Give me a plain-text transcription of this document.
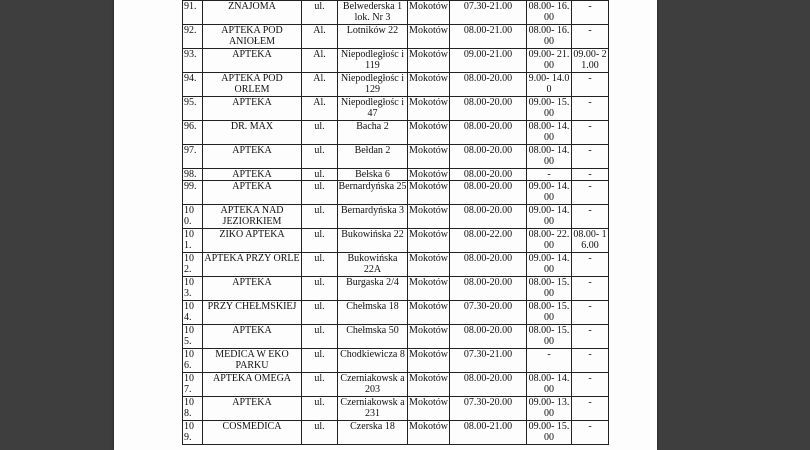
91.	ZNAJOMA	ul.	Belwederska 1 lok. Nr 3	Mokotów	07.30-21.00	08.00- 16.00	-
92.	APTEKA POD ANIOŁEM	Al.	Lotników 22	Mokotów	08.00-21.00	08.00- 16.00	-
93.	APTEKA	Al.	Niepodległośc i 119	Mokotów	09.00-21.00	09.00- 21.00	09.00- 21.00
94.	APTEKA POD ORLEM	Al.	Niepodległośc i 129	Mokotów	08.00-20.00	9.00- 14.00	-
95.	APTEKA	Al.	Niepodległośc i 47	Mokotów	08.00-20.00	09.00- 15.00	-
96.	DR. MAX	ul.	Bacha 2	Mokotów	08.00-20.00	08.00- 14.00	-
97.	APTEKA	ul.	Bełdan 2	Mokotów	08.00-20.00	08.00- 14.00	-
98.	APTEKA	ul.	Bełska 6	Mokotów	08.00-20.00	-	-
99.	APTEKA	ul.	Bernardyńska 25	Mokotów	08.00-20.00	09.00- 14.00	-
10 0.	APTEKA NAD JEZIORKIEM	ul.	Bernardyńska 3	Mokotów	08.00-20.00	09.00- 14.00	-
10 1.	ZIKO APTEKA	ul.	Bukowińska 22	Mokotów	08.00-22.00	08.00- 22.00	08.00- 16.00
10 2.	APTEKA PRZY ORLE	ul.	Bukowińska 22A	Mokotów	08.00-20.00	09.00- 14.00	-
10 3.	APTEKA	ul.	Burgaska 2/4	Mokotów	08.00-20.00	08.00- 15.00	-
10 4.	PRZY CHEŁMSKIEJ	ul.	Chełmska 18	Mokotów	07.30-20.00	08.00- 15.00	-
10 5.	APTEKA	ul.	Chełmska 50	Mokotów	08.00-20.00	08.00- 15.00	-
10 6.	MEDICA W EKO PARKU	ul.	Chodkiewicza 8	Mokotów	07.30-21.00	-	-
10 7.	APTEKA OMEGA	ul.	Czerniakowsk a 203	Mokotów	08.00-20.00	08.00- 14.00	-
10 8.	APTEKA	ul.	Czerniakowsk a 231	Mokotów	07.30-20.00	09.00- 13.00	-
10 9.	COSMEDICA	ul.	Czerska 18	Mokotów	08.00-21.00	09.00- 15.00	-
